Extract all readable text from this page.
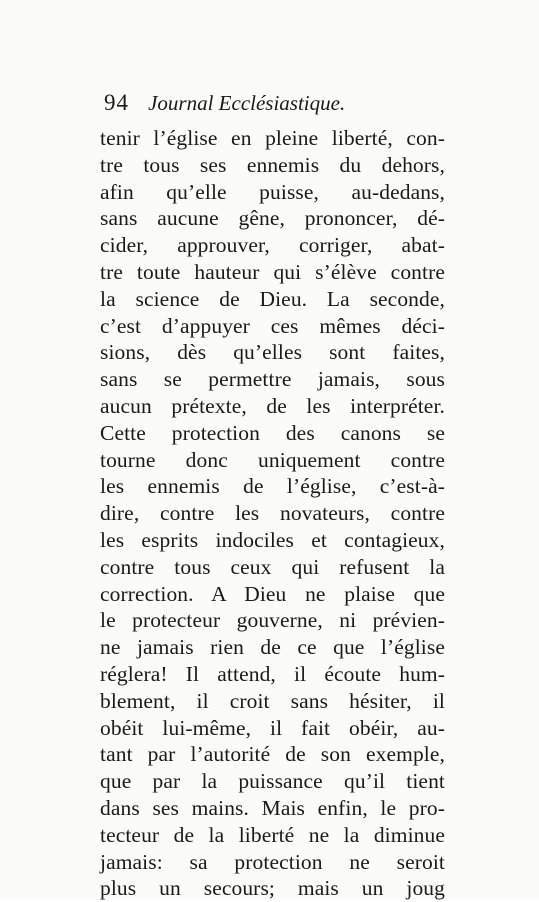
94 Journal Ecclésiastique.
tenir l’église en pleine liberté, con-
tre tous ses ennemis du dehors,
afin qu’elle puisse, au-dedans,
sans aucune gêne, prononcer, dé-
cider, approuver, corriger, abat-
tre toute hauteur qui s’élève contre
la science de Dieu. La seconde,
c’est d’appuyer ces mêmes déci-
sions, dès qu’elles sont faites,
sans se permettre jamais, sous
aucun prétexte, de les interpréter.
Cette protection des canons se
tourne donc uniquement contre
les ennemis de l’église, c’est-à-
dire, contre les novateurs, contre
les esprits indociles et contagieux,
contre tous ceux qui refusent la
correction. A Dieu ne plaise que
le protecteur gouverne, ni prévien-
ne jamais rien de ce que l’église
réglera! Il attend, il écoute hum-
blement, il croit sans hésiter, il
obéit lui-même, il fait obéir, au-
tant par l’autorité de son exemple,
que par la puissance qu’il tient
dans ses mains. Mais enfin, le pro-
tecteur de la liberté ne la diminue
jamais: sa protection ne seroit
plus un secours; mais un joug
